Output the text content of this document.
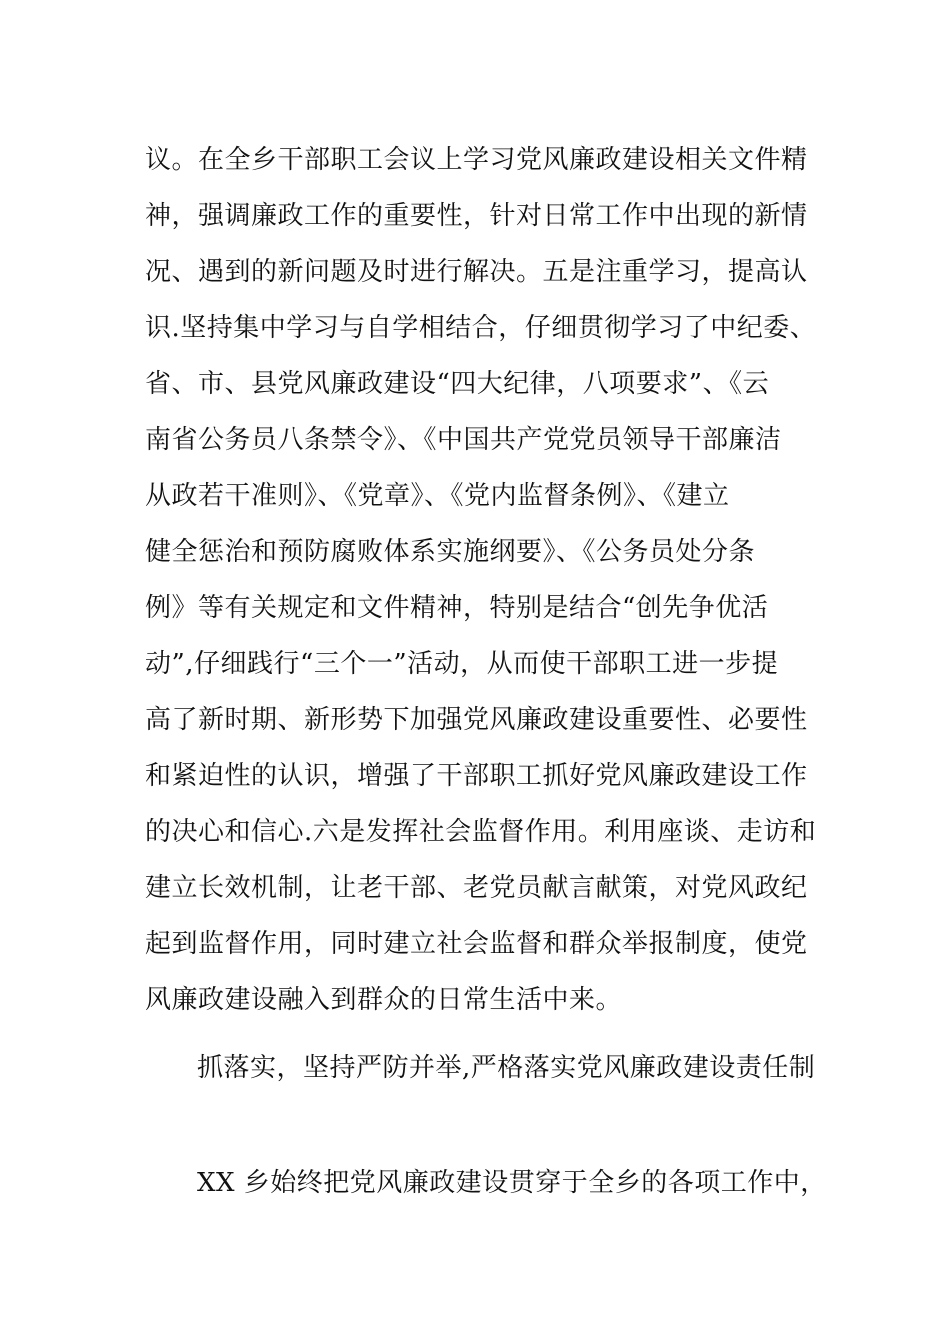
议。在全乡干部职工会议上学习党风廉政建设相关文件精
神，强调廉政工作的重要性，针对日常工作中出现的新情
况、遇到的新问题及时进行解决。五是注重学习，提高认
识.坚持集中学习与自学相结合，仔细贯彻学习了中纪委、
省、市、县党风廉政建设“四大纪律，八项要求”、《云
南省公务员八条禁令》、《中国共产党党员领导干部廉洁
从政若干准则》、《党章》、《党内监督条例》、《建立
健全惩治和预防腐败体系实施纲要》、《公务员处分条
例》等有关规定和文件精神，特别是结合“创先争优活
动”,仔细践行“三个一”活动，从而使干部职工进一步提
高了新时期、新形势下加强党风廉政建设重要性、必要性
和紧迫性的认识，增强了干部职工抓好党风廉政建设工作
的决心和信心.六是发挥社会监督作用。利用座谈、走访和
建立长效机制，让老干部、老党员献言献策，对党风政纪
起到监督作用，同时建立社会监督和群众举报制度，使党
风廉政建设融入到群众的日常生活中来。
抓落实，坚持严防并举,严格落实党风廉政建设责任制
XX 乡始终把党风廉政建设贯穿于全乡的各项工作中，
